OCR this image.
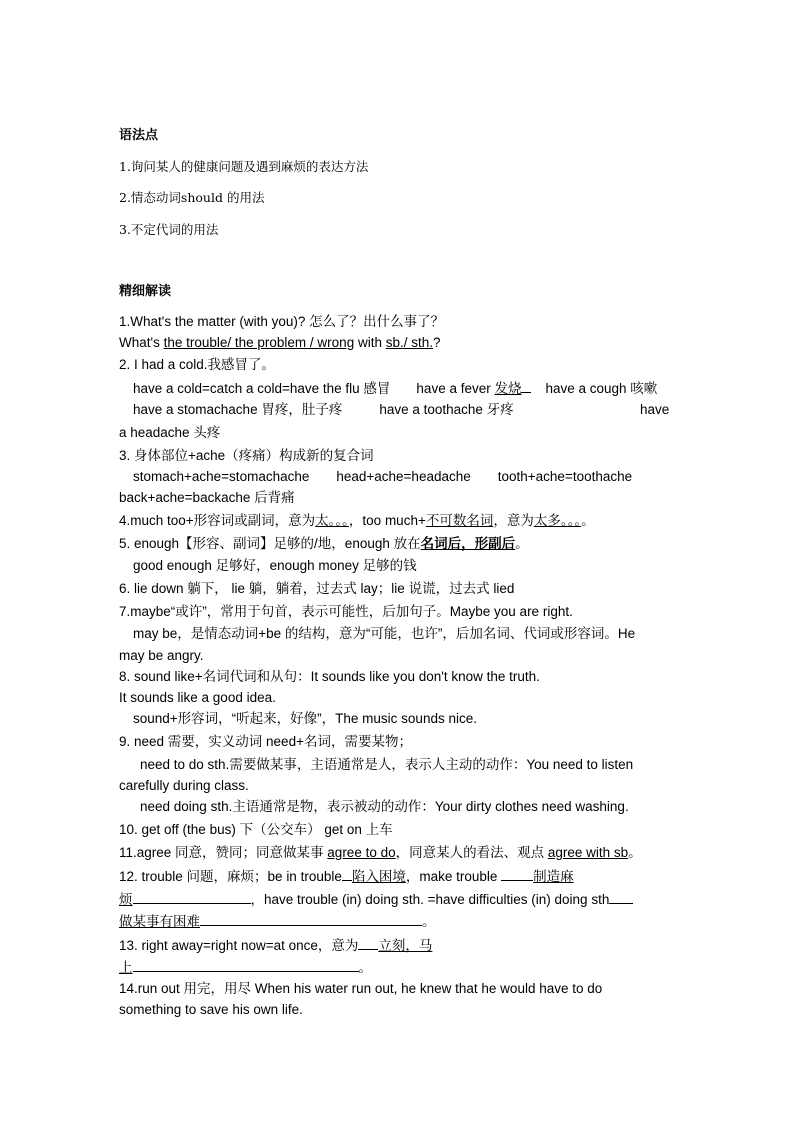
语法点
1.询问某人的健康问题及遇到麻烦的表达方法
2.情态动词should 的用法
3.不定代词的用法
精细解读
1.What's the matter (with you)? 怎么了？出什么事了？
What's the trouble/ the problem / wrong with sb./ sth.?
2. I had a cold.我感冒了。
have a cold=catch a cold=have the flu 感冒 have a fever 发烧 have a cough 咳嗽
have a stomachache 胃疼，肚子疼	have a toothache 牙疼	have
a headache 头疼
3. 身体部位+ache（疼痛）构成新的复合词
stomach+ache=stomachache head+ache=headache tooth+ache=toothache
back+ache=backache 后背痛
4.much too+形容词或副词，意为太。。。，too much+不可数名词，意为太多。。。。
5. enough【形容、副词】足够的/地，enough 放在名词后，形副后。
good enough 足够好，enough money 足够的钱
6. lie down 躺下， lie 躺，躺着，过去式 lay；lie 说谎，过去式 lied
7.maybe“或许”，常用于句首，表示可能性，后加句子。Maybe you are right.
may be，是情态动词+be 的结构，意为“可能，也许”，后加名词、代词或形容词。He
may be angry.
8. sound like+名词代词和从句：It sounds like you don't know the truth.
It sounds like a good idea.
sound+形容词，“听起来，好像”，The music sounds nice.
9. need 需要，实义动词 need+名词，需要某物；
need to do sth.需要做某事，主语通常是人，表示人主动的动作：You need to listen
carefully during class.
need doing sth.主语通常是物，表示被动的动作：Your dirty clothes need washing.
10. get off (the bus) 下（公交车） get on 上车
11.agree 同意，赞同；同意做某事 agree to do，同意某人的看法、观点 agree with sb。
12. trouble 问题，麻烦；be in trouble 陷入困境，make trouble 制造麻
烦	，have trouble (in) doing sth. =have difficulties (in) doing sth
做某事有困难	。
13. right away=right now=at once，意为 立刻，马
上	。
14.run out 用完，用尽 When his water run out, he knew that he would have to do
something to save his own life.
